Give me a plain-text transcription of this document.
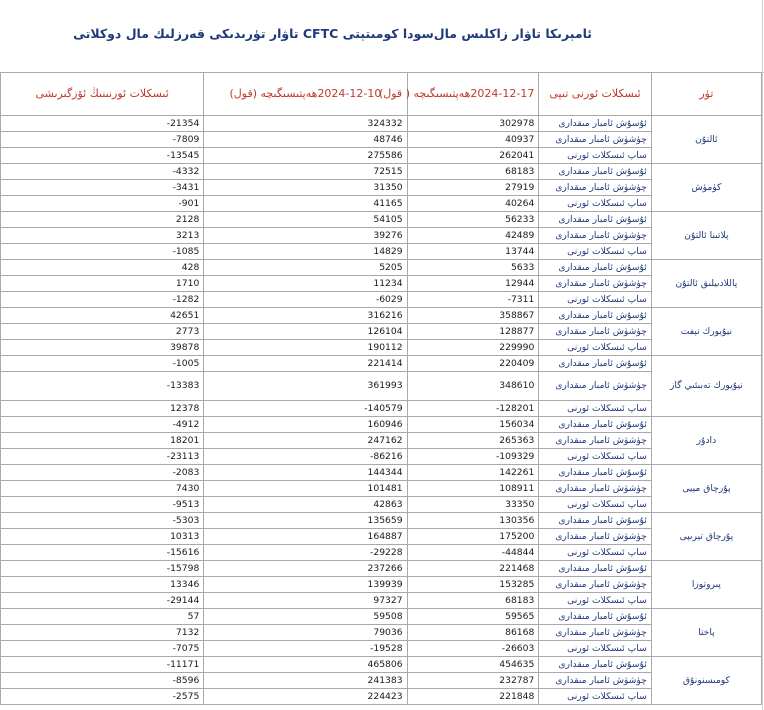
ئامېرىكا تاۋار زاكلىس مال‌سودا كومىتېتى CFTC تاۋار تۈرىدىكى قەرزلىك مال دوكلاتى
ئىسكلات ئورنىنىڭ ئۆزگىرىشى	2024-12-10ھەپتىسىگىچە (قول)	2024-12-17ھەپتىسىگىچە ( قول)	ئىسكلات ئورنى تىپى	تۈر
-21354	324332	302978	ئۇسۇش ئامبار مىقدارى	ئالتۇن
-7809	48746	40937	چۈشۈش ئامبار مىقدارى	
-13545	275586	262041	ساپ ئىسكلات ئورنى	
-4332	72515	68183	ئۇسۇش ئامبار مىقدارى	كۈمۈش
-3431	31350	27919	چۈشۈش ئامبار مىقدارى	
-901	41165	40264	ساپ ئىسكلات ئورنى	
2128	54105	56233	ئۇسۇش ئامبار مىقدارى	پلاتىنا ئالتۇن
3213	39276	42489	چۈشۈش ئامبار مىقدارى	
-1085	14829	13744	ساپ ئىسكلات ئورنى	
428	5205	5633	ئۇسۇش ئامبار مىقدارى	پاللادىيلىق ئالتۇن
1710	11234	12944	چۈشۈش ئامبار مىقدارى	
-1282	-6029	-7311	ساپ ئىسكلات ئورنى	
42651	316216	358867	ئۇسۇش ئامبار مىقدارى	نيۇيورك نېفت
2773	126104	128877	چۈشۈش ئامبار مىقدارى	
39878	190112	229990	ساپ ئىسكلات ئورنى	
-1005	221414	220409	ئۇسۇش ئامبار مىقدارى	نيۇيورك تەبىئىي گاز
-13383	361993	348610	چۈشۈش ئامبار مىقدارى	
12378	-140579	-128201	ساپ ئىسكلات ئورنى	
-4912	160946	156034	ئۇسۇش ئامبار مىقدارى	دادۇر
18201	247162	265363	چۈشۈش ئامبار مىقدارى	
-23113	-86216	-109329	ساپ ئىسكلات ئورنى	
-2083	144344	142261	ئۇسۇش ئامبار مىقدارى	پۇرچاق مېيى
7430	101481	108911	چۈشۈش ئامبار مىقدارى	
-9513	42863	33350	ساپ ئىسكلات ئورنى	
-5303	135659	130356	ئۇسۇش ئامبار مىقدارى	پۇرچاق تېرىپى
10313	164887	175200	چۈشۈش ئامبار مىقدارى	
-15616	-29228	-44844	ساپ ئىسكلات ئورنى	
-15798	237266	221468	ئۇسۇش ئامبار مىقدارى	پىروتوزا
13346	139939	153285	چۈشۈش ئامبار مىقدارى	
-29144	97327	68183	ساپ ئىسكلات ئورنى	
57	59508	59565	ئۇسۇش ئامبار مىقدارى	پاختا
7132	79036	86168	چۈشۈش ئامبار مىقدارى	
-7075	-19528	-26603	ساپ ئىسكلات ئورنى	
-11171	465806	454635	ئۇسۇش ئامبار مىقدارى	كومىسنونۇق
-8596	241383	232787	چۈشۈش ئامبار مىقدارى	
-2575	224423	221848	ساپ ئىسكلات ئورنى	
